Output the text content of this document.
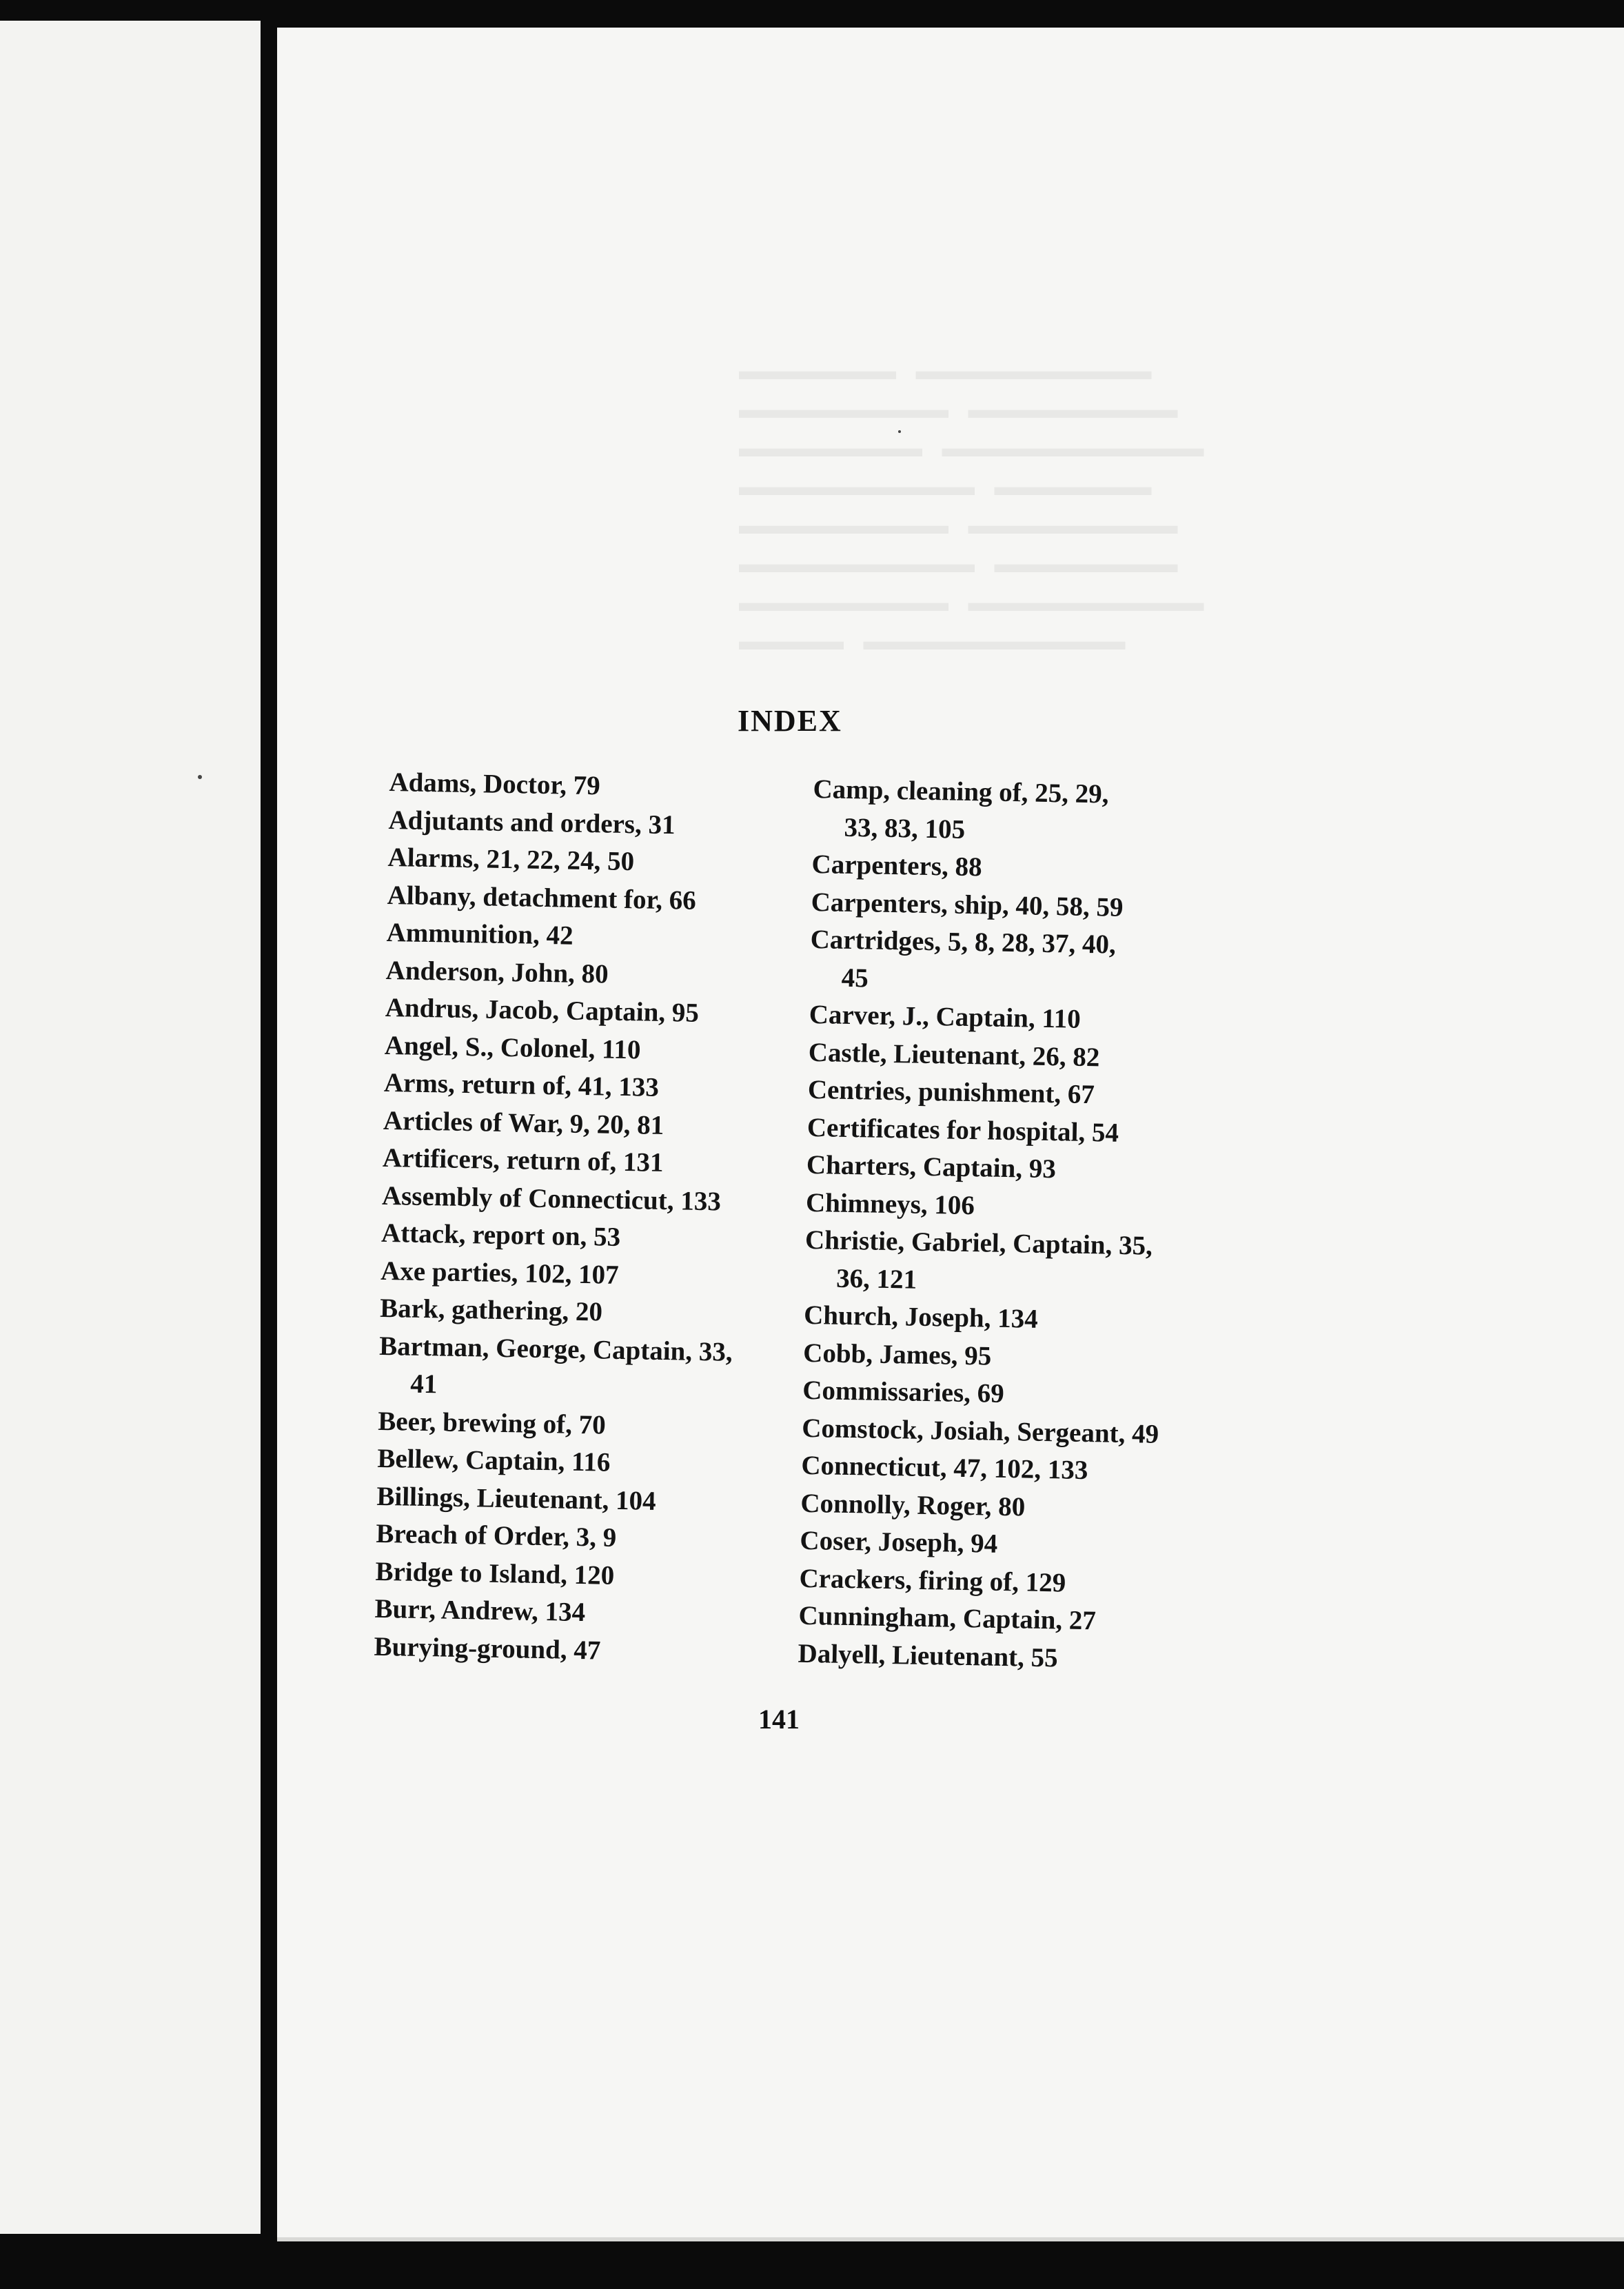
▬▬▬▬▬▬   ▬▬▬▬▬▬▬▬▬
▬▬▬▬▬▬▬▬   ▬▬▬▬▬▬▬▬
▬▬▬▬▬▬▬   ▬▬▬▬▬▬▬▬▬▬
▬▬▬▬▬▬▬▬▬   ▬▬▬▬▬▬
▬▬▬▬▬▬▬▬   ▬▬▬▬▬▬▬▬
▬▬▬▬▬▬▬▬▬   ▬▬▬▬▬▬▬
▬▬▬▬▬▬▬▬   ▬▬▬▬▬▬▬▬▬
▬▬▬▬   ▬▬▬▬▬▬▬▬▬▬
INDEX
Adams, Doctor, 79
Adjutants and orders, 31
Alarms, 21, 22, 24, 50
Albany, detachment for, 66
Ammunition, 42
Anderson, John, 80
Andrus, Jacob, Captain, 95
Angel, S., Colonel, 110
Arms, return of, 41, 133
Articles of War, 9, 20, 81
Artificers, return of, 131
Assembly of Connecticut, 133
Attack, report on, 53
Axe parties, 102, 107
Bark, gathering, 20
Bartman, George, Captain, 33,
41
Beer, brewing of, 70
Bellew, Captain, 116
Billings, Lieutenant, 104
Breach of Order, 3, 9
Bridge to Island, 120
Burr, Andrew, 134
Burying-ground, 47
Camp, cleaning of, 25, 29,
33, 83, 105
Carpenters, 88
Carpenters, ship, 40, 58, 59
Cartridges, 5, 8, 28, 37, 40,
45
Carver, J., Captain, 110
Castle, Lieutenant, 26, 82
Centries, punishment, 67
Certificates for hospital, 54
Charters, Captain, 93
Chimneys, 106
Christie, Gabriel, Captain, 35,
36, 121
Church, Joseph, 134
Cobb, James, 95
Commissaries, 69
Comstock, Josiah, Sergeant, 49
Connecticut, 47, 102, 133
Connolly, Roger, 80
Coser, Joseph, 94
Crackers, firing of, 129
Cunningham, Captain, 27
Dalyell, Lieutenant, 55
141
